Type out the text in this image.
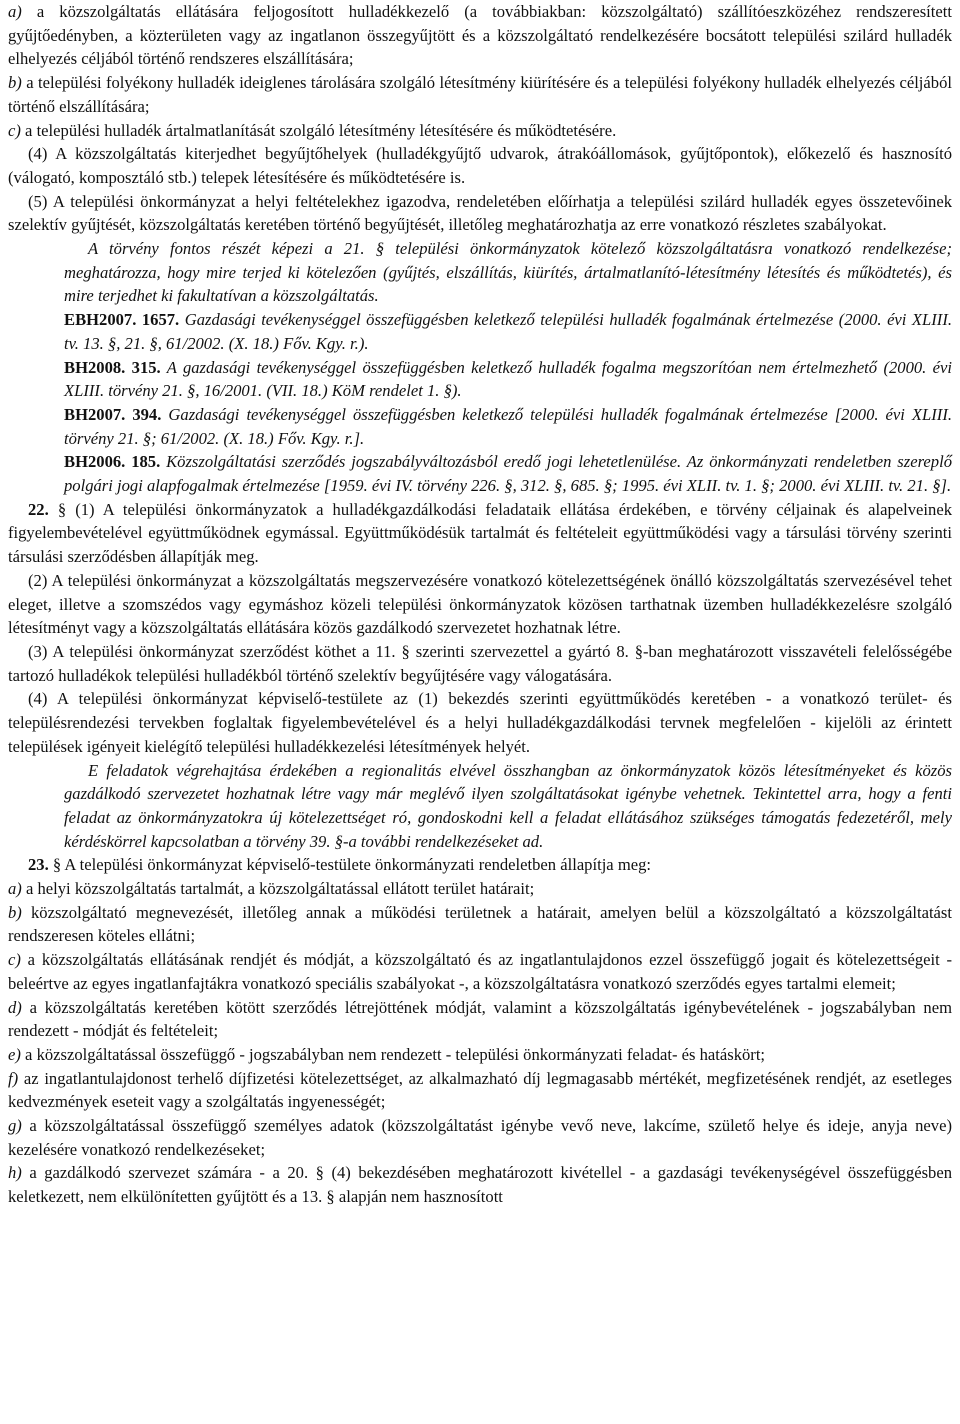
a) a közszolgáltatás ellátására feljogosított hulladékkezelő (a továbbiakban: közszolgáltató) szállítóeszközéhez rendszeresített gyűjtőedényben, a közterületen vagy az ingatlanon összegyűjtött és a közszolgáltató rendelkezésére bocsátott települési szilárd hulladék elhelyezés céljából történő rendszeres elszállítására;

b) a települési folyékony hulladék ideiglenes tárolására szolgáló létesítmény kiürítésére és a települési folyékony hulladék elhelyezés céljából történő elszállítására;

c) a települési hulladék ártalmatlanítását szolgáló létesítmény létesítésére és működtetésére.

(4) A közszolgáltatás kiterjedhet begyűjtőhelyek (hulladékgyűjtő udvarok, átrakóállomások, gyűjtőpontok), előkezelő és hasznosító (válogató, komposztáló stb.) telepek létesítésére és működtetésére is.

(5) A települési önkormányzat a helyi feltételekhez igazodva, rendeletében előírhatja a települési szilárd hulladék egyes összetevőinek szelektív gyűjtését, közszolgáltatás keretében történő begyűjtését, illetőleg meghatározhatja az erre vonatkozó részletes szabályokat.

A törvény fontos részét képezi a 21. § települési önkormányzatok kötelező közszolgáltatásra vonatkozó rendelkezése; meghatározza, hogy mire terjed ki kötelezően (gyűjtés, elszállítás, kiürítés, ártalmatlanító-létesítmény létesítés és működtetés), és mire terjedhet ki fakultatívan a közszolgáltatás.

EBH2007. 1657. Gazdasági tevékenységgel összefüggésben keletkező települési hulladék fogalmának értelmezése (2000. évi XLIII. tv. 13. §, 21. §, 61/2002. (X. 18.) Főv. Kgy. r.).

BH2008. 315. A gazdasági tevékenységgel összefüggésben keletkező hulladék fogalma megszorítóan nem értelmezhető (2000. évi XLIII. törvény 21. §, 16/2001. (VII. 18.) KöM rendelet 1. §).

BH2007. 394. Gazdasági tevékenységgel összefüggésben keletkező települési hulladék fogalmának értelmezése [2000. évi XLIII. törvény 21. §; 61/2002. (X. 18.) Főv. Kgy. r.].

BH2006. 185. Közszolgáltatási szerződés jogszabályváltozásból eredő jogi lehetetlenülése. Az önkormányzati rendeletben szereplő polgári jogi alapfogalmak értelmezése [1959. évi IV. törvény 226. §, 312. §, 685. §; 1995. évi XLII. tv. 1. §; 2000. évi XLIII. tv. 21. §].

22. § (1) A települési önkormányzatok a hulladékgazdálkodási feladataik ellátása érdekében, e törvény céljainak és alapelveinek figyelembevételével együttműködnek egymással. Együttműködésük tartalmát és feltételeit együttműködési vagy a társulási törvény szerinti társulási szerződésben állapítják meg.

(2) A települési önkormányzat a közszolgáltatás megszervezésére vonatkozó kötelezettségének önálló közszolgáltatás szervezésével tehet eleget, illetve a szomszédos vagy egymáshoz közeli települési önkormányzatok közösen tarthatnak üzemben hulladékkezelésre szolgáló létesítményt vagy a közszolgáltatás ellátására közös gazdálkodó szervezetet hozhatnak létre.

(3) A települési önkormányzat szerződést köthet a 11. § szerinti szervezettel a gyártó 8. §-ban meghatározott visszavételi felelősségébe tartozó hulladékok települési hulladékból történő szelektív begyűjtésére vagy válogatására.

(4) A települési önkormányzat képviselő-testülete az (1) bekezdés szerinti együttműködés keretében - a vonatkozó terület- és településrendezési tervekben foglaltak figyelembevételével és a helyi hulladékgazdálkodási tervnek megfelelően - kijelöli az érintett települések igényeit kielégítő települési hulladékkezelési létesítmények helyét.

E feladatok végrehajtása érdekében a regionalitás elvével összhangban az önkormányzatok közös létesítményeket és közös gazdálkodó szervezetet hozhatnak létre vagy már meglévő ilyen szolgáltatásokat igénybe vehetnek. Tekintettel arra, hogy a fenti feladat az önkormányzatokra új kötelezettséget ró, gondoskodni kell a feladat ellátásához szükséges támogatás fedezetéről, mely kérdéskörrel kapcsolatban a törvény 39. §-a további rendelkezéseket ad.

23. § A települési önkormányzat képviselő-testülete önkormányzati rendeletben állapítja meg:

a) a helyi közszolgáltatás tartalmát, a közszolgáltatással ellátott terület határait;

b) közszolgáltató megnevezését, illetőleg annak a működési területnek a határait, amelyen belül a közszolgáltató a közszolgáltatást rendszeresen köteles ellátni;

c) a közszolgáltatás ellátásának rendjét és módját, a közszolgáltató és az ingatlantulajdonos ezzel összefüggő jogait és kötelezettségeit - beleértve az egyes ingatlanfajtákra vonatkozó speciális szabályokat -, a közszolgáltatásra vonatkozó szerződés egyes tartalmi elemeit;

d) a közszolgáltatás keretében kötött szerződés létrejöttének módját, valamint a közszolgáltatás igénybevételének - jogszabályban nem rendezett - módját és feltételeit;

e) a közszolgáltatással összefüggő - jogszabályban nem rendezett - települési önkormányzati feladat- és hatáskört;

f) az ingatlantulajdonost terhelő díjfizetési kötelezettséget, az alkalmazható díj legmagasabb mértékét, megfizetésének rendjét, az esetleges kedvezmények eseteit vagy a szolgáltatás ingyenességét;

g) a közszolgáltatással összefüggő személyes adatok (közszolgáltatást igénybe vevő neve, lakcíme, születő helye és ideje, anyja neve) kezelésére vonatkozó rendelkezéseket;

h) a gazdálkodó szervezet számára - a 20. § (4) bekezdésében meghatározott kivétellel - a gazdasági tevékenységével összefüggésben keletkezett, nem elkülönítetten gyűjtött és a 13. § alapján nem hasznosított
